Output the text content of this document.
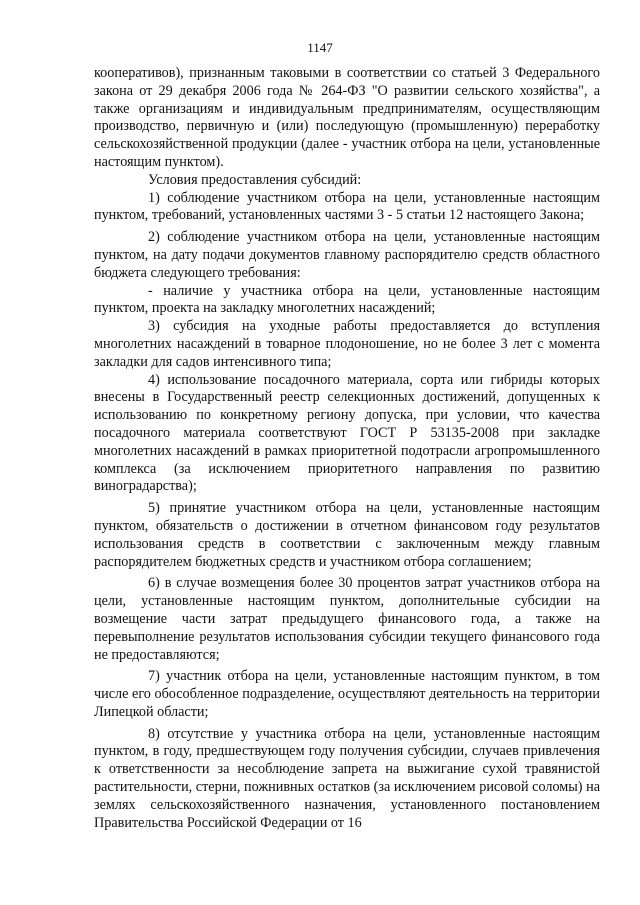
1147

кооперативов), признанным таковыми в соответствии со статьей 3 Федерального закона от 29 декабря 2006 года № 264-ФЗ "О развитии сельского хозяйства", а также организациям и индивидуальным предпринимателям, осуществляющим производство, первичную и (или) последующую (промышленную) переработку сельскохозяйственной продукции (далее - участник отбора на цели, установленные настоящим пунктом).

Условия предоставления субсидий:

1) соблюдение участником отбора на цели, установленные настоящим пунктом, требований, установленных частями 3 - 5 статьи 12 настоящего Закона;

2) соблюдение участником отбора на цели, установленные настоящим пунктом, на дату подачи документов главному распорядителю средств областного бюджета следующего требования:

- наличие у участника отбора на цели, установленные настоящим пунктом, проекта на закладку многолетних насаждений;

3) субсидия на уходные работы предоставляется до вступления многолетних насаждений в товарное плодоношение, но не более 3 лет с момента закладки для садов интенсивного типа;

4) использование посадочного материала, сорта или гибриды которых внесены в Государственный реестр селекционных достижений, допущенных к использованию по конкретному региону допуска, при условии, что качества посадочного материала соответствуют ГОСТ Р 53135-2008 при закладке многолетних насаждений в рамках приоритетной подотрасли агропромышленного комплекса (за исключением приоритетного направления по развитию виноградарства);

5) принятие участником отбора на цели, установленные настоящим пунктом, обязательств о достижении в отчетном финансовом году результатов использования средств в соответствии с заключенным между главным распорядителем бюджетных средств и участником отбора соглашением;

6) в случае возмещения более 30 процентов затрат участников отбора на цели, установленные настоящим пунктом, дополнительные субсидии на возмещение части затрат предыдущего финансового года, а также на перевыполнение результатов использования субсидии текущего финансового года не предоставляются;

7) участник отбора на цели, установленные настоящим пунктом, в том числе его обособленное подразделение, осуществляют деятельность на территории Липецкой области;

8) отсутствие у участника отбора на цели, установленные настоящим пунктом, в году, предшествующем году получения субсидии, случаев привлечения к ответственности за несоблюдение запрета на выжигание сухой травянистой растительности, стерни, пожнивных остатков (за исключением рисовой соломы) на землях сельскохозяйственного назначения, установленного постановлением Правительства Российской Федерации от 16
